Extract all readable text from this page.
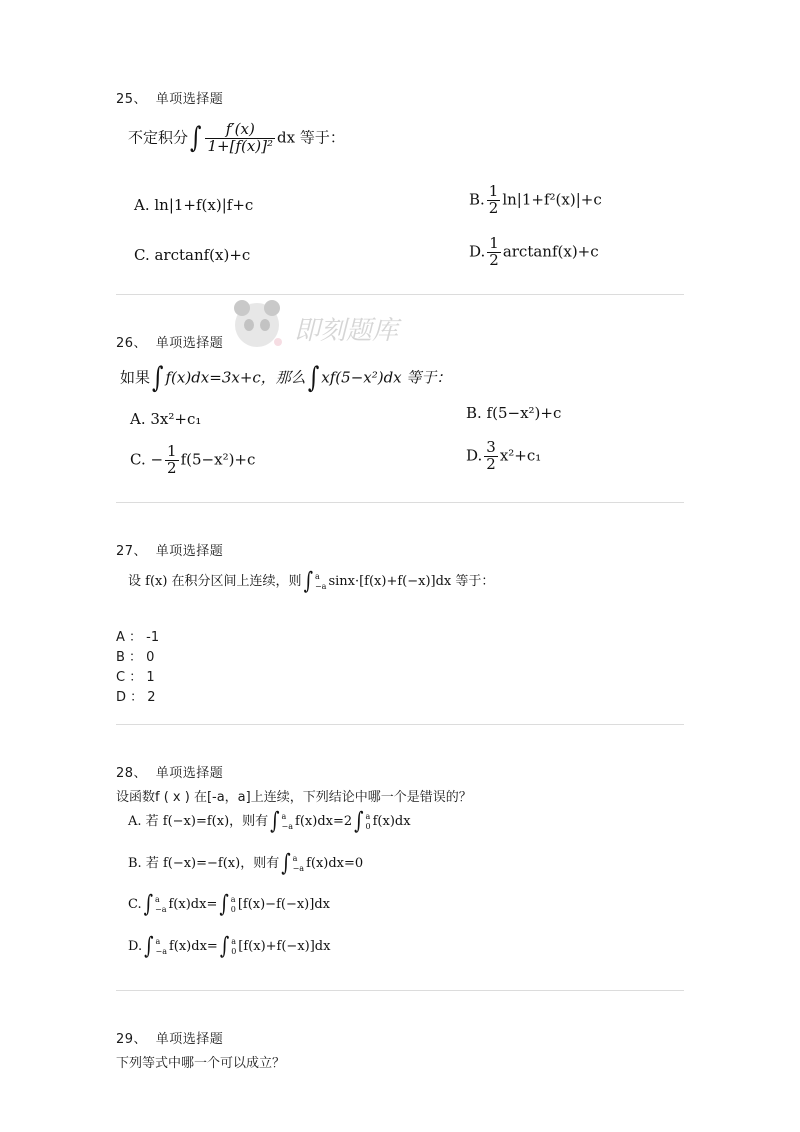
即刻题库
25、 单项选择题
不定积分∫ $\frac{f'(x)}{\text{1+[f(x)]²}}$ dx 等于：
A. ln|1+f(x)|f+c	B. $\frac{1}{2} \ln|1+f^2(x)|+c$
C. arctanf(x)+c	D. $\frac{1}{2} \arctan f(x)+c$
26、 单项选择题
如果∫ f(x)dx=3x+c，那么∫ xf(5−x²)dx 等于：
A. 3x²+c₁	B. f(5−x²)+c
C. − $\frac{1}{2} f(5-x^2)+c$	D. $\frac{3}{2} x^2+c_1$
27、 单项选择题
设 f(x) 在积分区间上连续，则 ∫ a
−a sinx·[f(x)+f(−x)]dx 等于：
A ： -1
B ： 0
C ： 1
D ： 2
28、 单项选择题
设函数f ( x ) 在[-a，a]上连续，下列结论中哪一个是错误的？
A. 若 f(−x)=f(x)，则有 ∫ a
−a f(x)dx=2 ∫ a
0 f(x)dx
B. 若 f(−x)=−f(x)，则有 ∫ a
−a f(x)dx=0
C. ∫ a
−a f(x)dx= ∫ a
0 [f(x)−f(−x)]dx
D. ∫ a
−a f(x)dx= ∫ a
0 [f(x)+f(−x)]dx
29、 单项选择题
下列等式中哪一个可以成立？
